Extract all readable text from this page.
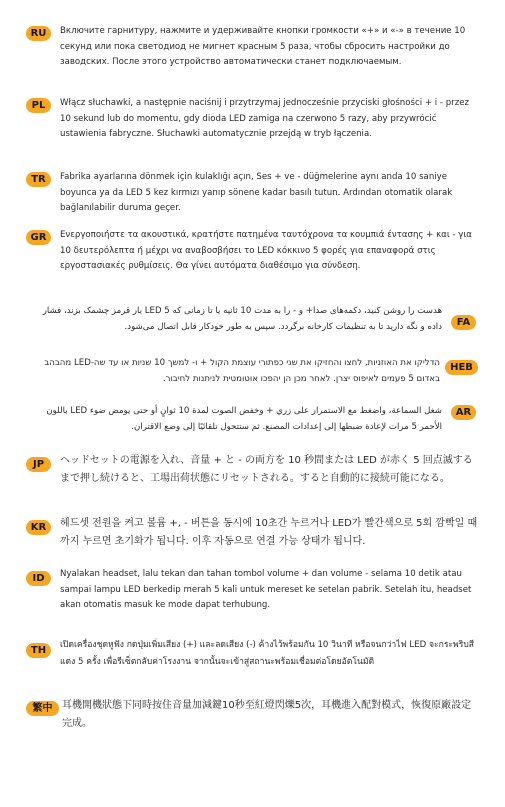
RU	Включите гарнитуру, нажмите и удерживайте кнопки громкости «+» и «-» в течение 10 секунд или пока светодиод не мигнет красным 5 раза, чтобы сбросить настройки до заводских. После этого устройство автоматически станет подключаемым.

PL	Włącz słuchawki, a następnie naciśnij i przytrzymaj jednocześnie przyciski głośności + i - przez 10 sekund lub do momentu, gdy dioda LED zamiga na czerwono 5 razy, aby przywrócić ustawienia fabryczne. Słuchawki automatycznie przejdą w tryb łączenia.

TR	Fabrika ayarlarına dönmek için kulaklığı açın, Ses + ve - düğmelerine aynı anda 10 saniye boyunca ya da LED 5 kez kırmızı yanıp sönene kadar basılı tutun. Ardından otomatik olarak bağlanılabilir duruma geçer.

GR	Ενεργοποιήστε τα ακουστικά, κρατήστε πατημένα ταυτόχρονα τα κουμπιά έντασης + και - για 10 δευτερόλεπτα ή μέχρι να αναβοσβήσει το LED κόκκινο 5 φορές για επαναφορά στις εργοστασιακές ρυθμίσεις. Θα γίνει αυτόματα διαθέσιμο για σύνδεση.

هدست را روشن کنید، دکمه‌های صدا+ و - را به مدت 10 ثانیه یا تا زمانی که LED 5 بار قرمز چشمک بزند، فشار داده و نگه دارید تا به تنظیمات کارخانه برگردد. سپس به طور خودکار قابل اتصال می‌شود.	FA

הדליקו את האוזניות, לחצו והחזיקו את שני כפתורי עוצמת הקול + ו- למשך 10 שניות או עד שה-LED מהבהב באדום 5 פעמים לאיפוס יצרן. לאחר מכן הן יהפכו אוטומטית לניתנות לחיבור.

HEB

شغل السماعة، واضغط مع الاستمرار على زري + وخفض الصوت لمدة 10 ثوانٍ أو حتى يومض ضوء LED باللون الأحمر 5 مرات لإعادة ضبطها إلى إعدادات المصنع. ثم ستتحول تلقائيًا إلى وضع الاقتران.

AR
JP	ヘッドセットの電源を入れ、音量 + と - の両方を 10 秒間または LED が赤く 5 回点滅するまで押し続けると、工場出荷状態にリセットされる。すると自動的に接続可能になる。

KR	헤드셋 전원을 켜고 볼륨 +, - 버튼을 동시에 10초간 누르거나 LED가 빨간색으로 5회 깜빡일 때까지 누르면 초기화가 됩니다. 이후 자동으로 연결 가능 상태가 됩니다.

ID	Nyalakan headset, lalu tekan dan tahan tombol volume + dan volume - selama 10 detik atau sampai lampu LED berkedip merah 5 kali untuk mereset ke setelan pabrik. Setelah itu, headset akan otomatis masuk ke mode dapat terhubung.

TH	เปิดเครื่องชุดหูฟัง กดปุ่มเพิ่มเสียง (+) และลดเสียง (-) ค้างไว้พร้อมกัน 10 วินาที หรือจนกว่าไฟ LED จะกระพริบสีแดง 5 ครั้ง เพื่อรีเซ็ตกลับค่าโรงงาน จากนั้นจะเข้าสู่สถานะพร้อมเชื่อมต่อโดยอัตโนมัติ

繁中 耳機開機狀態下同時按住音量加減鍵10秒至紅燈閃爍5次，耳機進入配對模式，恢復原廠設定完成。
